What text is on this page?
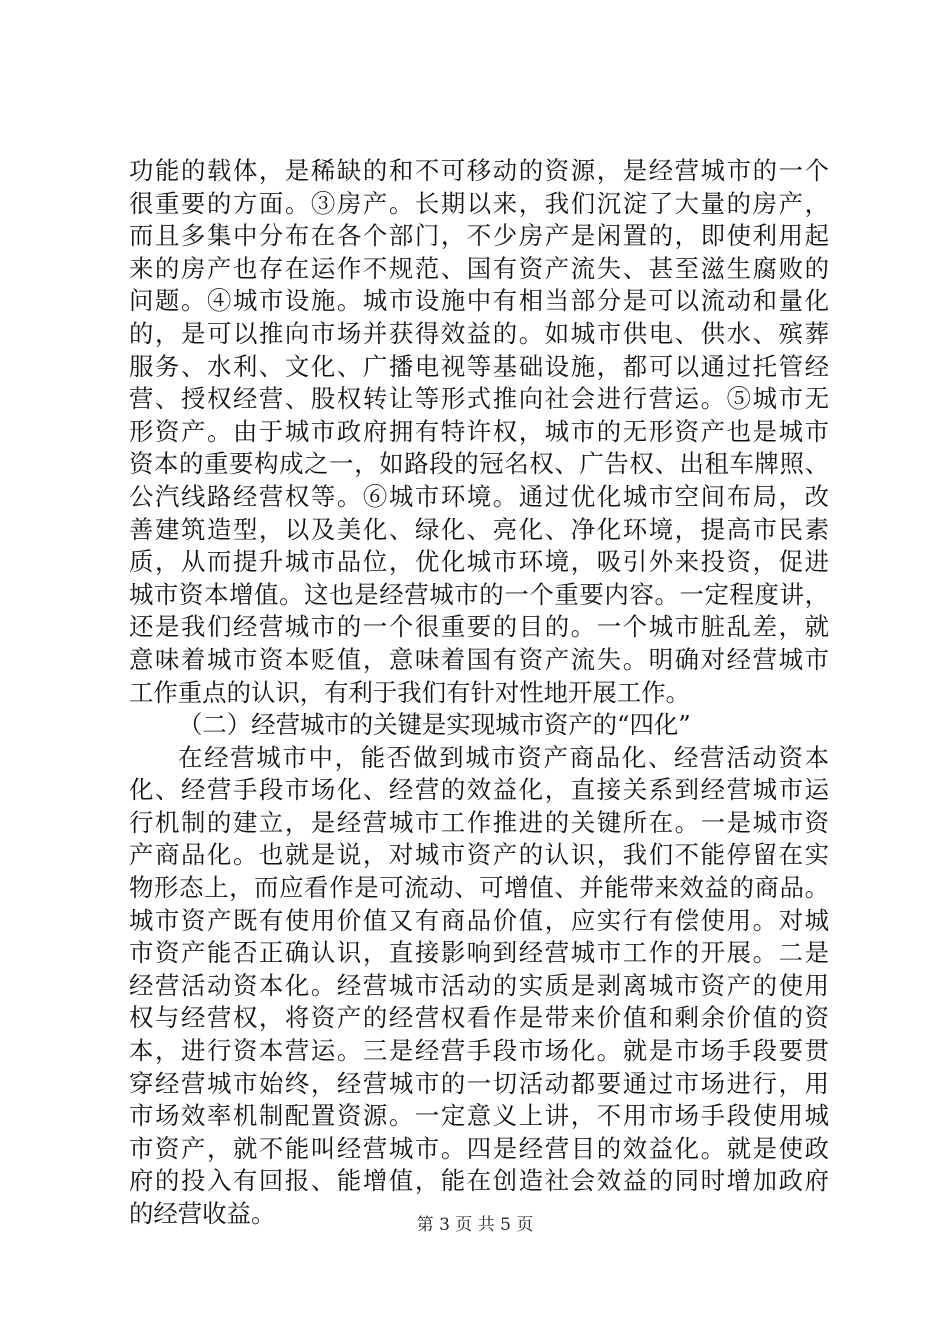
功能的载体，是稀缺的和不可移动的资源，是经营城市的一个
很重要的方面。③房产。长期以来，我们沉淀了大量的房产，
而且多集中分布在各个部门，不少房产是闲置的，即使利用起
来的房产也存在运作不规范、国有资产流失、甚至滋生腐败的
问题。④城市设施。城市设施中有相当部分是可以流动和量化
的，是可以推向市场并获得效益的。如城市供电、供水、殡葬
服务、水利、文化、广播电视等基础设施，都可以通过托管经
营、授权经营、股权转让等形式推向社会进行营运。⑤城市无
形资产。由于城市政府拥有特许权，城市的无形资产也是城市
资本的重要构成之一，如路段的冠名权、广告权、出租车牌照、
公汽线路经营权等。⑥城市环境。通过优化城市空间布局，改
善建筑造型，以及美化、绿化、亮化、净化环境，提高市民素
质，从而提升城市品位，优化城市环境，吸引外来投资，促进
城市资本增值。这也是经营城市的一个重要内容。一定程度讲，
还是我们经营城市的一个很重要的目的。一个城市脏乱差，就
意味着城市资本贬值，意味着国有资产流失。明确对经营城市
工作重点的认识，有利于我们有针对性地开展工作。
（二）经营城市的关键是实现城市资产的“四化”
在经营城市中，能否做到城市资产商品化、经营活动资本
化、经营手段市场化、经营的效益化，直接关系到经营城市运
行机制的建立，是经营城市工作推进的关键所在。一是城市资
产商品化。也就是说，对城市资产的认识，我们不能停留在实
物形态上，而应看作是可流动、可增值、并能带来效益的商品。
城市资产既有使用价值又有商品价值，应实行有偿使用。对城
市资产能否正确认识，直接影响到经营城市工作的开展。二是
经营活动资本化。经营城市活动的实质是剥离城市资产的使用
权与经营权，将资产的经营权看作是带来价值和剩余价值的资
本，进行资本营运。三是经营手段市场化。就是市场手段要贯
穿经营城市始终，经营城市的一切活动都要通过市场进行，用
市场效率机制配置资源。一定意义上讲，不用市场手段使用城
市资产，就不能叫经营城市。四是经营目的效益化。就是使政
府的投入有回报、能增值，能在创造社会效益的同时增加政府
的经营收益。	第 3 页 共 5 页
